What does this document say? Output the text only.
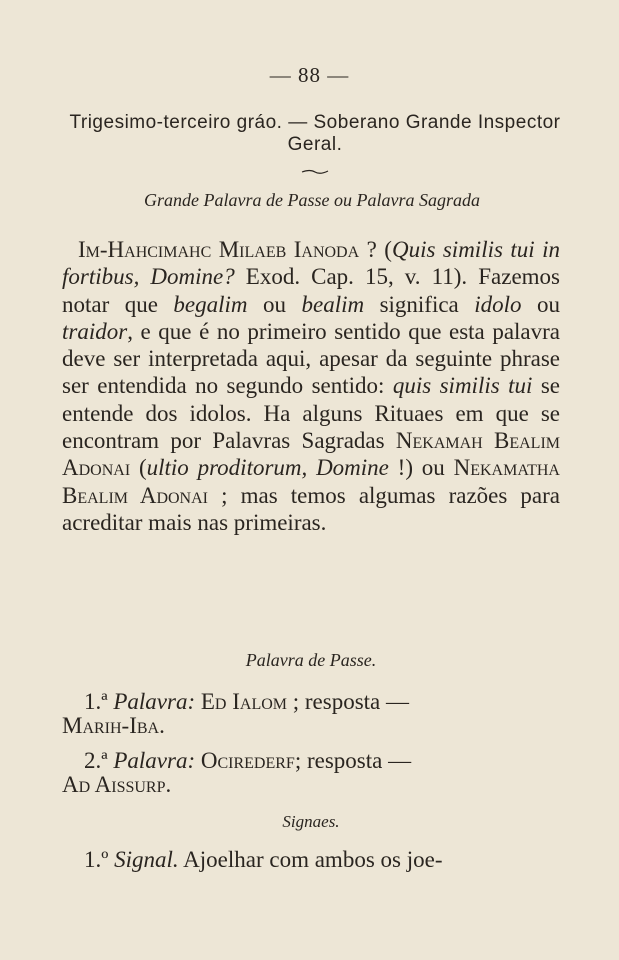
— 88 —
Trigesimo-terceiro gráo. — Soberano Grande Inspector Geral.
Grande Palavra de Passe ou Palavra Sagrada

Im-Hahcimahc Milaeb Ianoda ? (Quis similis tui in fortibus, Domine? Exod. Cap. 15, v. 11). Fazemos notar que begalim ou bealim significa idolo ou traidor, e que é no primeiro sentido que esta palavra deve ser interpretada aqui, apesar da seguinte phrase ser entendida no segundo sentido: quis similis tui se entende dos idolos. Ha alguns Rituaes em que se encontram por Palavras Sagradas Nekamah Bealim Adonai (ultio proditorum, Domine !) ou Nekamatha Bealim Adonai ; mas temos algumas razões para acreditar mais nas primeiras.

Palavra de Passe.
1.ª Palavra: Ed Ialom ; resposta —
Marih-Iba.
2.ª Palavra: Ocirederf; resposta —
Ad Aissurp.
Signaes.
1.º Signal. Ajoelhar com ambos os joe-
